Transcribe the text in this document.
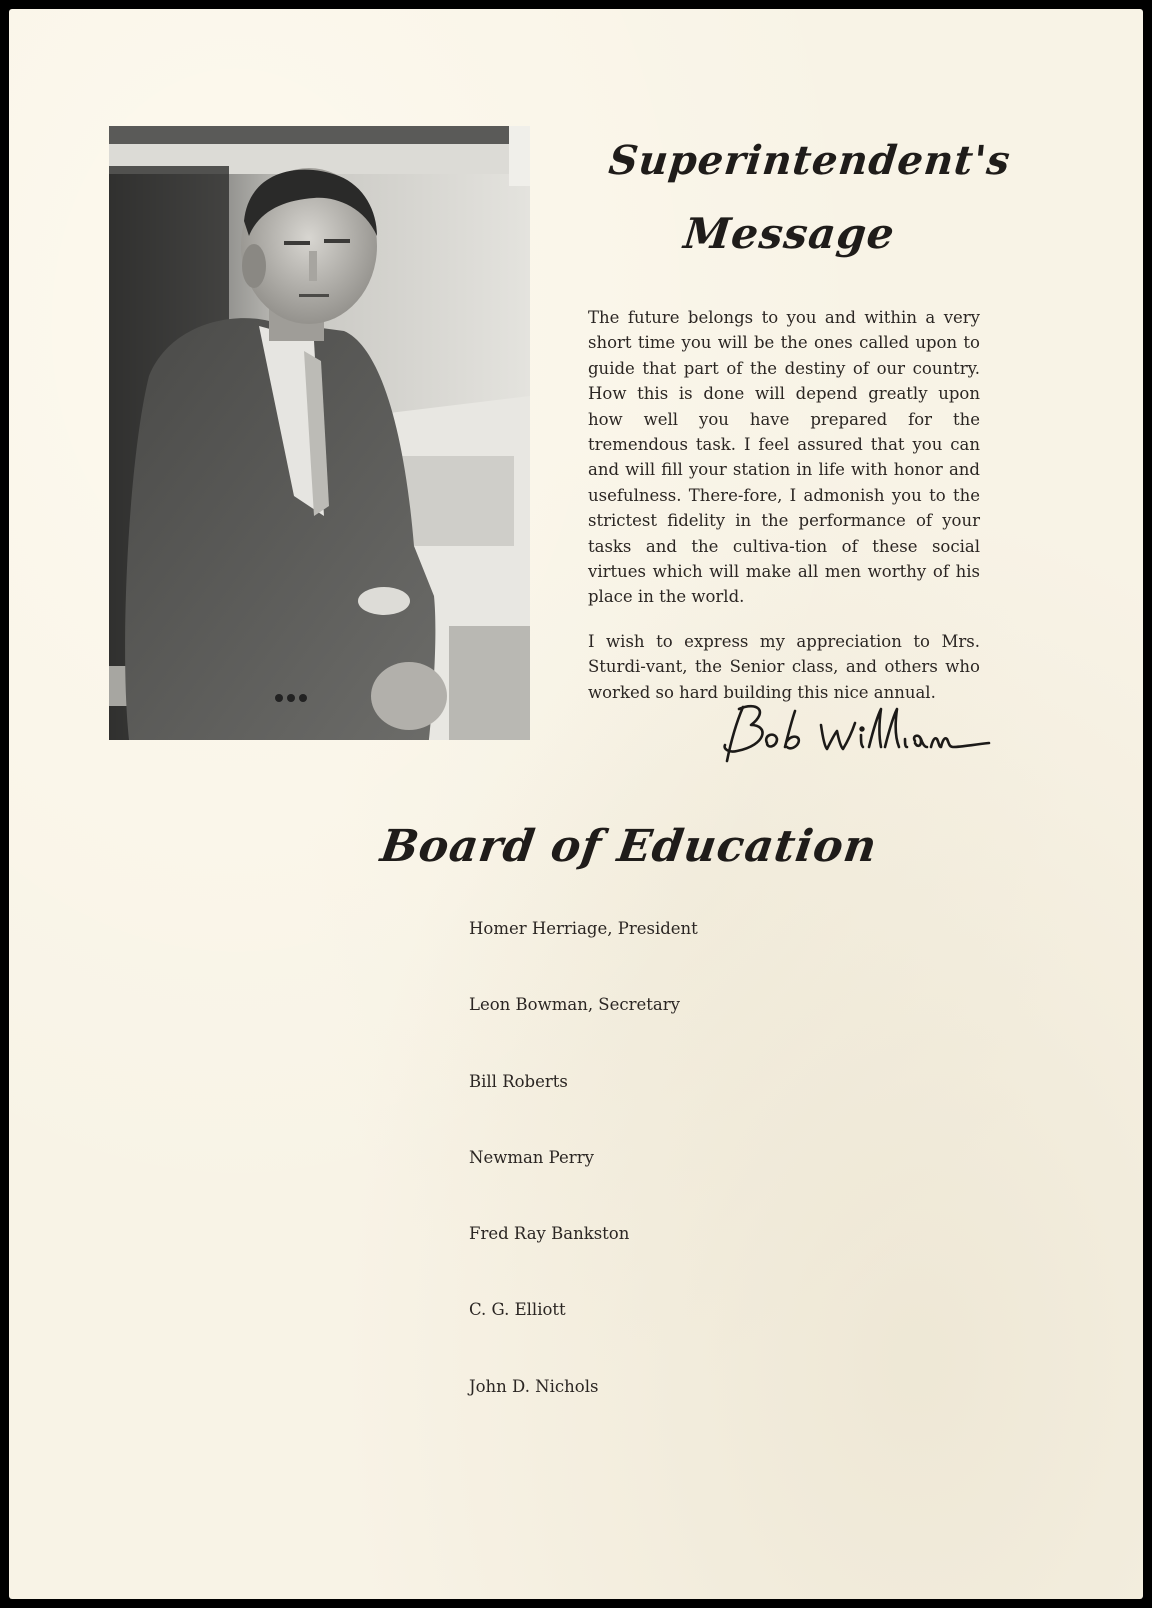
Superintendent's
Message

The future belongs to you and within a very short time you will be the ones called upon to guide that part of the destiny of our country. How this is done will depend greatly upon how well you have prepared for the tremendous task. I feel assured that you can and will fill your station in life with honor and usefulness. There-fore, I admonish you to the strictest fidelity in the performance of your tasks and the cultiva-tion of these social virtues which will make all men worthy of his place in the world.

I wish to express my appreciation to Mrs. Sturdi-vant, the Senior class, and others who worked so hard building this nice annual.

Board of Education
Homer Herriage, President
Leon Bowman, Secretary
Bill Roberts
Newman Perry
Fred Ray Bankston
C. G. Elliott
John D. Nichols
